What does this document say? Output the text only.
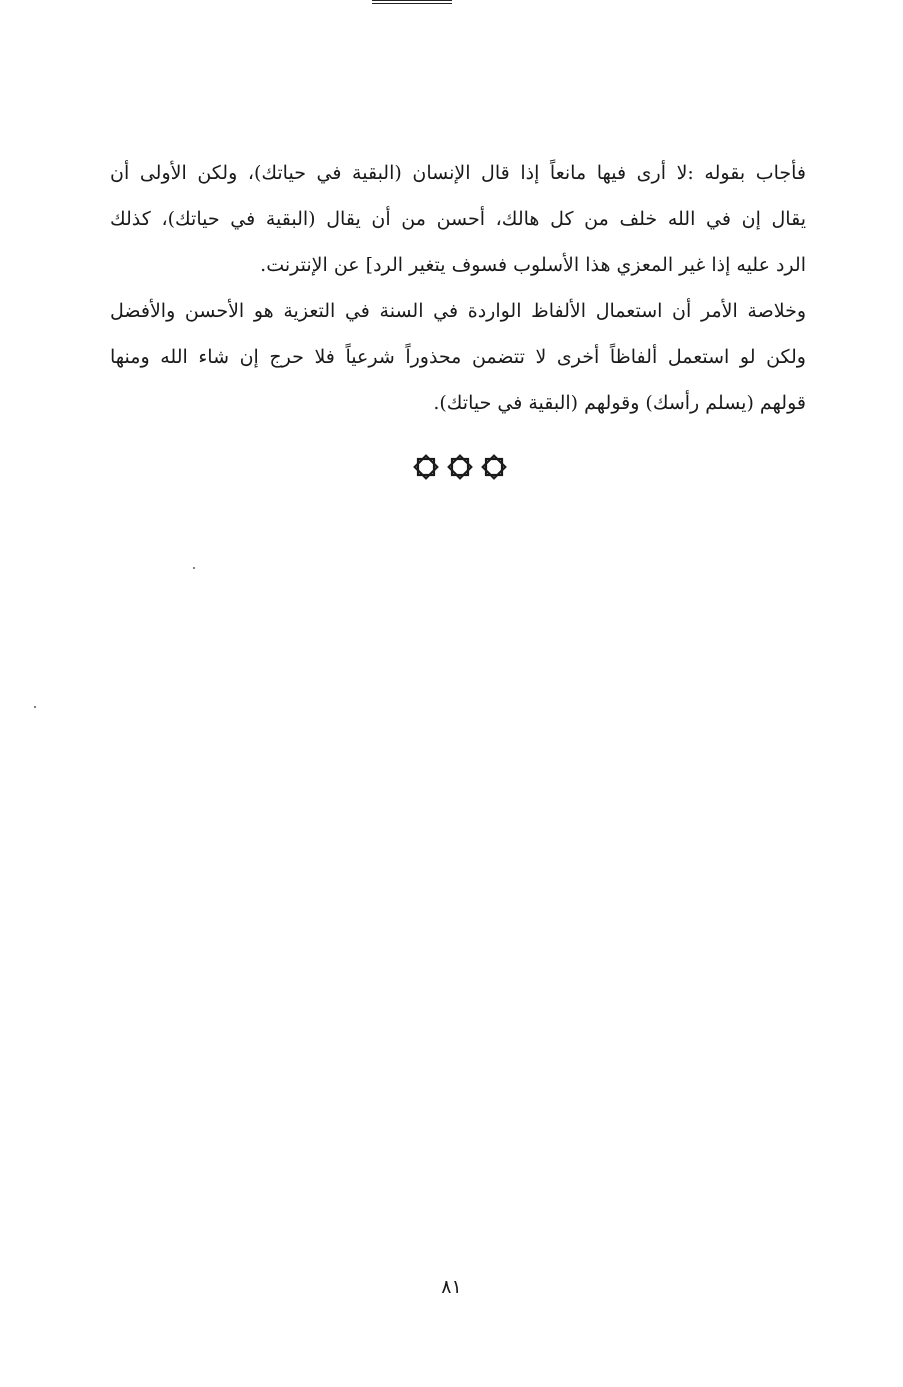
فأجاب بقوله :لا أرى فيها مانعاً إذا قال الإنسان (البقية في حياتك)، ولكن الأولى أن
يقال إن في الله خلف من كل هالك، أحسن من أن يقال (البقية في حياتك)، كذلك
الرد عليه إذا غير المعزي هذا الأسلوب فسوف يتغير الرد] عن الإنترنت.
وخلاصة الأمر أن استعمال الألفاظ الواردة في السنة في التعزية هو الأحسن والأفضل
ولكن لو استعمل ألفاظاً أخرى لا تتضمن محذوراً شرعياً فلا حرج إن شاء الله ومنها
قولهم (يسلم رأسك) وقولهم (البقية في حياتك).
٨١
